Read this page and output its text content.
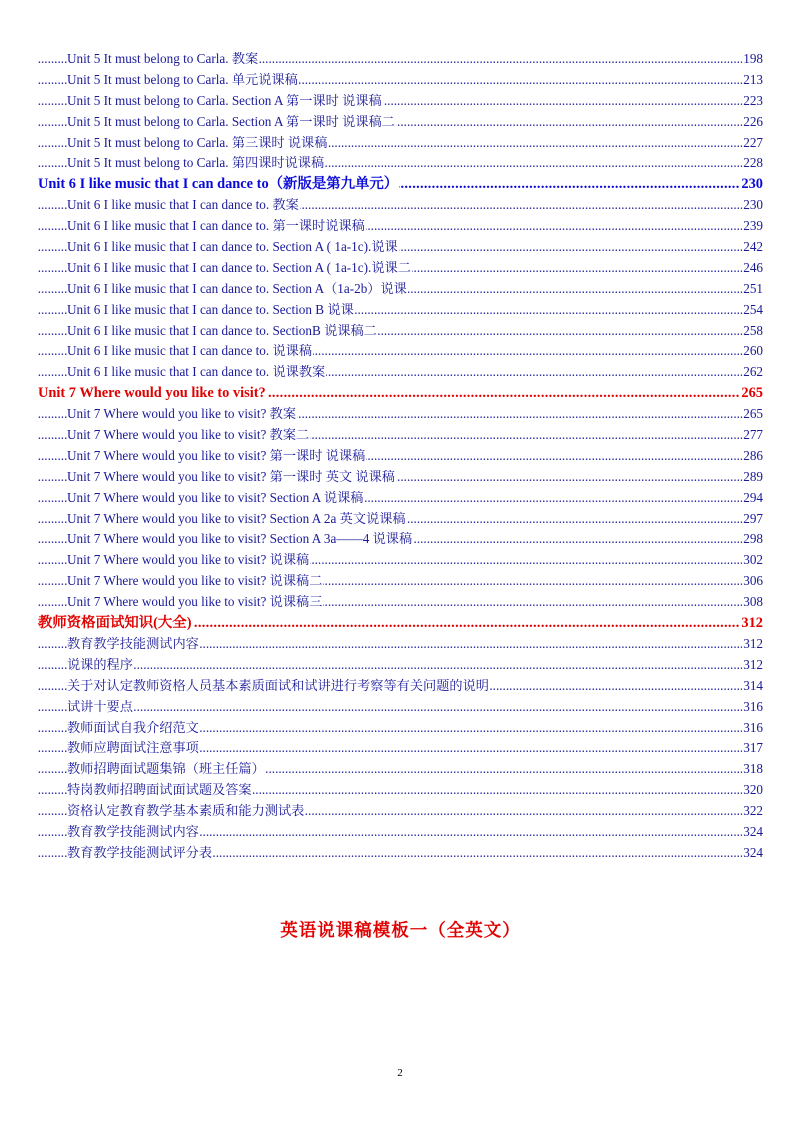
.....
Unit 5 It must belong to Carla. 教案	198
.....
Unit 5 It must belong to Carla. 单元说课稿	213
.....
Unit 5 It must belong to Carla. Section A 第一课时 说课稿	223
.....
Unit 5 It must belong to Carla. Section A 第一课时 说课稿二	226
.....
Unit 5 It must belong to Carla. 第三课时 说课稿	227
.....
Unit 5 It must belong to Carla. 第四课时说课稿	228
.....
Unit 6 I like music that I can dance to（新版是第九单元）	230
.....
Unit 6 I like music that I can dance to. 教案	230
.....
Unit 6 I like music that I can dance to. 第一课时说课稿	239
.....
Unit 6 I like music that I can dance to. Section A ( 1a-1c).说课	242
.....
Unit 6 I like music that I can dance to. Section A ( 1a-1c).说课二	246
.....
Unit 6 I like music that I can dance to. Section A（1a-2b）说课	251
.....
Unit 6 I like music that I can dance to. Section B 说课	254
.....
Unit 6 I like music that I can dance to. SectionB 说课稿二	258
.....
Unit 6 I like music that I can dance to. 说课稿	260
.....
Unit 6 I like music that I can dance to. 说课教案	262
.....
Unit 7 Where would you like to visit?	265
.....
Unit 7 Where would you like to visit? 教案	265
.....
Unit 7 Where would you like to visit? 教案二	277
.....
Unit 7 Where would you like to visit? 第一课时 说课稿	286
.....
Unit 7 Where would you like to visit? 第一课时 英文 说课稿	289
.....
Unit 7 Where would you like to visit? Section A 说课稿	294
.....
Unit 7 Where would you like to visit? Section A 2a 英文说课稿	297
.....
Unit 7 Where would you like to visit? Section A 3a——4 说课稿	298
.....
Unit 7 Where would you like to visit? 说课稿	302
.....
Unit 7 Where would you like to visit? 说课稿二	306
.....
Unit 7 Where would you like to visit? 说课稿三	308
.....
教师资格面试知识(大全)	312
.....
教育教学技能测试内容	312
.....
说课的程序	312
.....
关于对认定教师资格人员基本素质面试和试讲进行考察等有关问题的说明	314
.....
试讲十要点	316
.....
教师面试自我介绍范文	316
.....
教师应聘面试注意事项	317
.....
教师招聘面试题集锦（班主任篇）	318
.....
特岗教师招聘面试面试题及答案	320
.....
资格认定教育教学基本素质和能力测试表	322
.....
教育教学技能测试内容	324
.....
教育教学技能测试评分表	324
英语说课稿模板一（全英文）
2
